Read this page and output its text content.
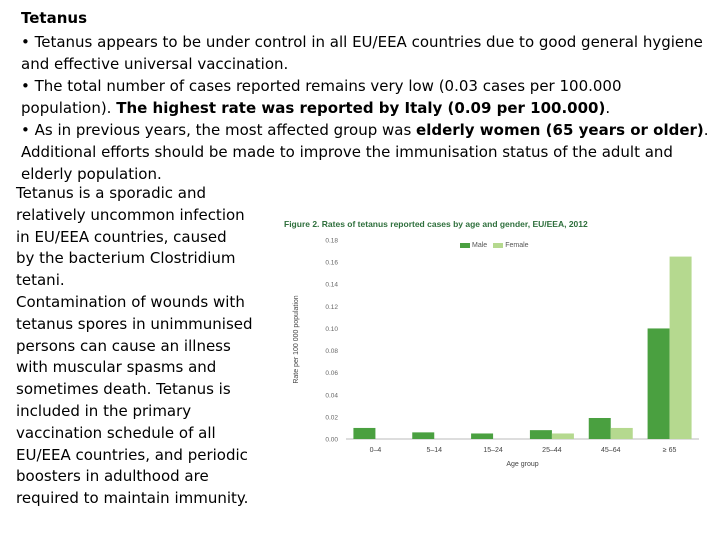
Tetanus

• Tetanus appears to be under control in all EU/EEA countries due to good general hygiene and effective universal vaccination.

• The total number of cases reported remains very low (0.03 cases per 100.000 population). The highest rate was reported by Italy (0.09 per 100.000).

• As in previous years, the most affected group was elderly women (65 years or older). Additional efforts should be made to improve the immunisation status of the adult and elderly population.

Tetanus is a sporadic and

relatively uncommon infection

in EU/EEA countries, caused

by the bacterium Clostridium

tetani.

Contamination of wounds with

tetanus spores in unimmunised

persons can cause an illness

with muscular spasms and

sometimes death. Tetanus is

included in the primary

vaccination schedule of all

EU/EEA countries, and periodic

boosters in adulthood are

required to maintain immunity.

Figure 2. Rates of tetanus reported cases by age and gender, EU/EEA, 2012
Male	Female
0.00
0.02
0.04
0.06
0.08
0.10
0.12
0.14
0.16
0.18
Rate per 100 000 population
0–4	5–14	15–24	25–44	45–64	≥ 65
Age group
